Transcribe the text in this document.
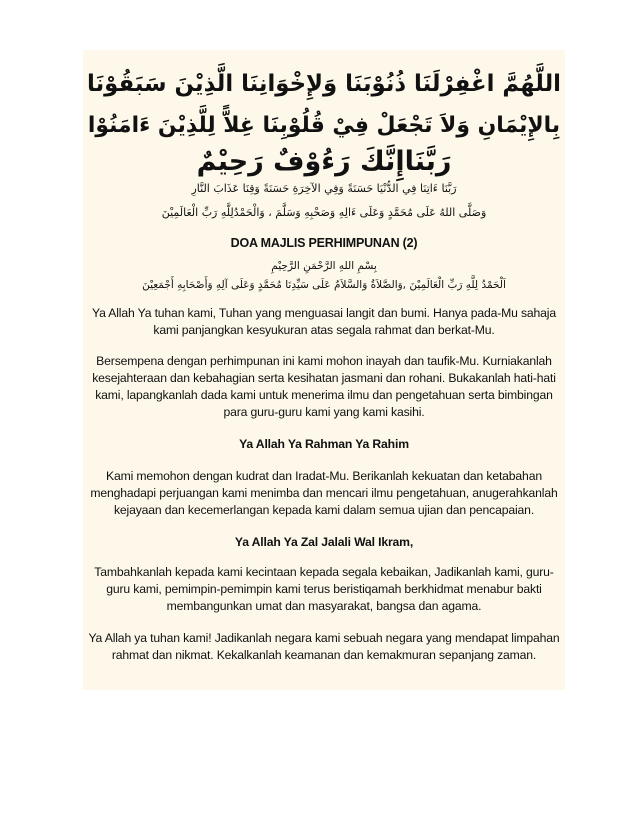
اللَّهُمَّ اغْفِرْلَنَا ذُنُوْبَنَا وَلإِخْوَانِنَا الَّذِيْنَ سَبَقُوْنَا
بِالإِيْمَانِ وَلاَ تَجْعَلْ فِيْ قُلُوْبِنَا غِلاًّ لِلَّذِيْنَ ءَامَنُوْا
رَبَّنَاإِنَّكَ رَءُوْفٌ رَحِيْمٌ
رَبَّنَا ءَاتِنَا فِي الدُّنْيَا حَسَنَةً وَفِي الآخِرَةِ حَسَنَةً وَقِنَا عَذَابَ النَّارِ
وَصَلَّى اللهُ عَلَى مُحَمَّدٍ وَعَلَى ءَالِهِ وَصَحْبِهِ وَسَلَّمَ ، وَالْحَمْدُلِلَّهِ رَبِّ الْعَالَمِيْنَ
DOA MAJLIS PERHIMPUNAN (2)
بِسْمِ اللهِ الرَّحْمَنِ الرَّحِيْمِ
اَلْحَمْدُ لِلَّهِ رَبِّ الْعَالَمِيْنَ ,وَالصَّلاَةُ وَالسَّلاَمُ عَلَى سَيِّدِنَا مُحَمَّدٍ وَعَلَى آلِهِ وَأَصْحَابِهِ أَجْمَعِيْنَ
Ya Allah Ya tuhan kami, Tuhan yang menguasai langit dan bumi. Hanya pada-Mu sahaja
kami panjangkan kesyukuran atas segala rahmat dan berkat-Mu.
Bersempena dengan perhimpunan ini kami mohon inayah dan taufik-Mu. Kurniakanlah
kesejahteraan dan kebahagian serta kesihatan jasmani dan rohani. Bukakanlah hati-hati
kami, lapangkanlah dada kami untuk menerima ilmu dan pengetahuan serta bimbingan
para guru-guru kami yang kami kasihi.
Ya Allah Ya Rahman Ya Rahim
Kami memohon dengan kudrat dan Iradat-Mu. Berikanlah kekuatan dan ketabahan
menghadapi perjuangan kami menimba dan mencari ilmu pengetahuan, anugerahkanlah
kejayaan dan kecemerlangan kepada kami dalam semua ujian dan pencapaian.
Ya Allah Ya Zal Jalali Wal Ikram,
Tambahkanlah kepada kami kecintaan kepada segala kebaikan, Jadikanlah kami, guru-
guru kami, pemimpin-pemimpin kami terus beristiqamah berkhidmat menabur bakti
membangunkan umat dan masyarakat, bangsa dan agama.
Ya Allah ya tuhan kami! Jadikanlah negara kami sebuah negara yang mendapat limpahan
rahmat dan nikmat. Kekalkanlah keamanan dan kemakmuran sepanjang zaman.
